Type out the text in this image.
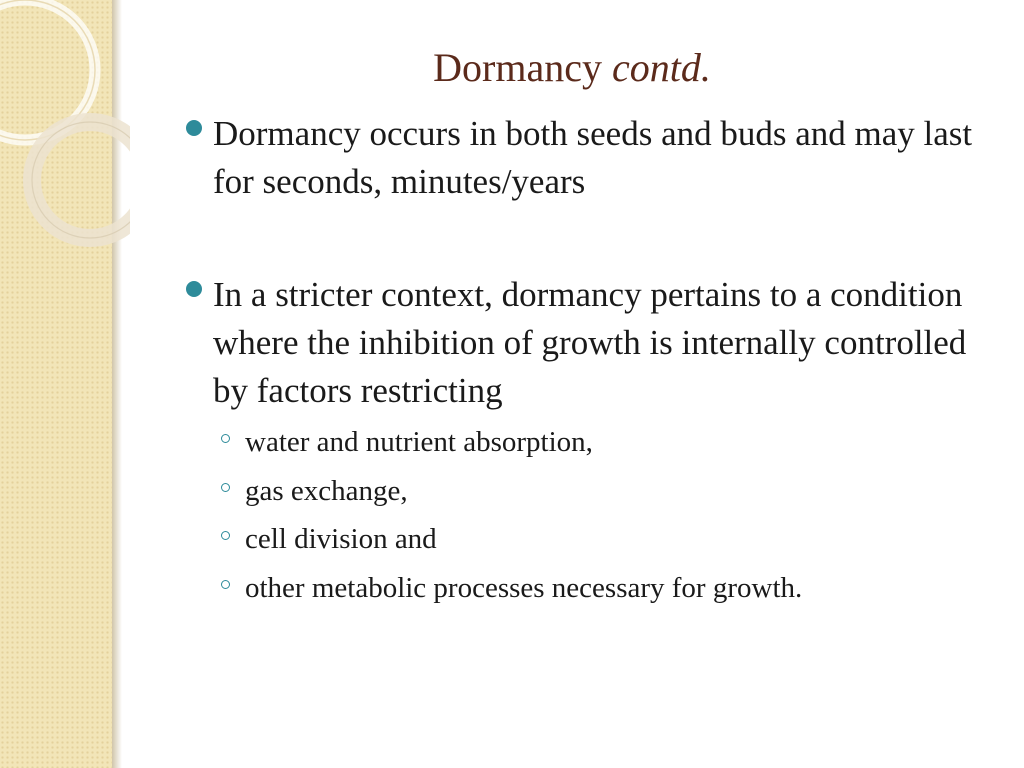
Dormancy contd.
Dormancy occurs in both seeds and buds and may last for seconds, minutes/years
In a stricter context, dormancy pertains to a condition where the inhibition of growth is internally controlled by factors restricting
water and nutrient absorption,
gas exchange,
cell division and
other metabolic processes necessary for growth.
